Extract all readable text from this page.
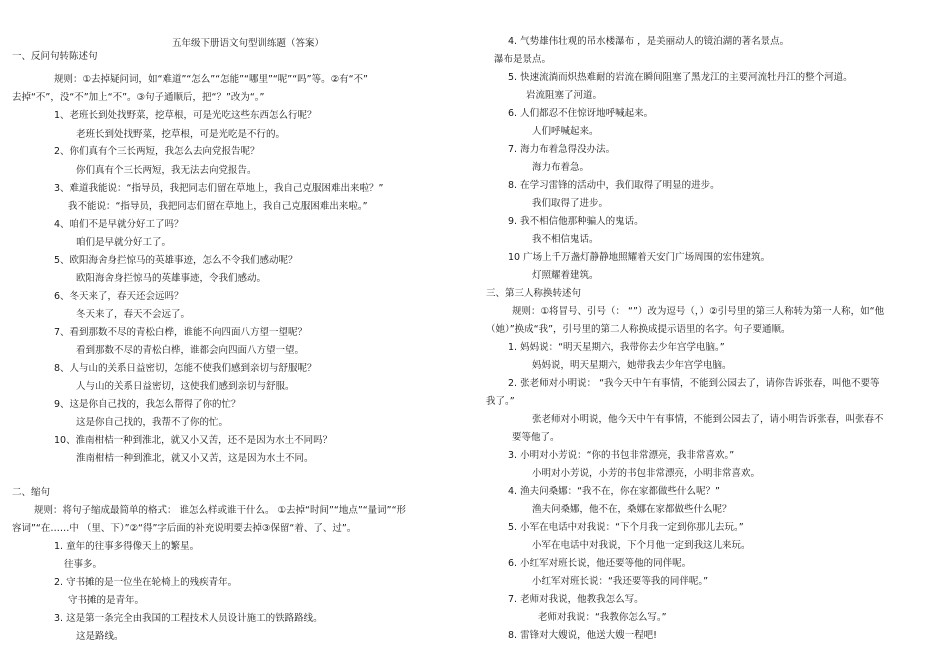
五年级下册语文句型训练题（答案）
一、反问句转陈述句
规则：①去掉疑问词，如“难道”“怎么”“怎能”“哪里”“呢”“吗”等。②有“不”
去掉“不”，没“不”加上“不”。③句子通顺后，把“？”改为“。”
1、老班长到处找野菜，挖草根，可是光吃这些东西怎么行呢？
老班长到处找野菜，挖草根，可是光吃是不行的。
2、你们真有个三长两短，我怎么去向党报告呢？
你们真有个三长两短，我无法去向党报告。
3、难道我能说：“指导员，我把同志们留在草地上，我自己克服困难出来啦？”
我不能说：“指导员，我把同志们留在草地上，我自己克服困难出来啦。”
4、咱们不是早就分好工了吗？
咱们是早就分好工了。
5、欧阳海舍身拦惊马的英雄事迹，怎么不令我们感动呢？
欧阳海舍身拦惊马的英雄事迹，令我们感动。
6、冬天来了，春天还会远吗？
冬天来了，春天不会远了。
7、看到那数不尽的青松白桦，谁能不向四面八方望一望呢？
看到那数不尽的青松白桦，谁都会向四面八方望一望。
8、人与山的关系日益密切，怎能不使我们感到亲切与舒服呢？
人与山的关系日益密切，这使我们感到亲切与舒服。
9、这是你自己找的，我怎么帮得了你的忙？
这是你自己找的，我帮不了你的忙。
10、淮南柑桔一种到淮北，就又小又苦，还不是因为水土不同吗？
淮南柑桔一种到淮北，就又小又苦，这是因为水土不同。
二、缩句
规则：将句子缩成最简单的格式： 谁怎么样或谁干什么。 ①去掉“时间”“地点”“量词”“形
容词”“在……中 （里、下）”②“得”字后面的补充说明要去掉③保留“着、了、过”。
1. 童年的往事多得像天上的繁星。
往事多。
2. 守书摊的是一位坐在轮椅上的残疾青年。
守书摊的是青年。
3. 这是第一条完全由我国的工程技术人员设计施工的铁路路线。
这是路线。
4. 气势雄伟壮观的吊水楼瀑布 ，是美丽动人的镜泊湖的著名景点。
瀑布是景点。
5. 快速流淌而炽热难耐的岩流在瞬间阻塞了黑龙江的主要河流牡丹江的整个河道。
岩流阻塞了河道。
6. 人们都忍不住惊讶地呼喊起来。
人们呼喊起来。
7. 海力布着急得没办法。
海力布着急。
8. 在学习雷锋的活动中，我们取得了明显的进步。
我们取得了进步。
9. 我不相信他那种骗人的鬼话。
我不相信鬼话。
10 广场上千万盏灯静静地照耀着天安门广场周围的宏伟建筑。
灯照耀着建筑。
三、第三人称换转述句
规则：①将冒号、引号（： “”）改为逗号（，）②引号里的第三人称转为第一人称，如“他
（她）”换成“我”，引号里的第二人称换成提示语里的名字。句子要通顺。
1. 妈妈说：“明天星期六，我带你去少年宫学电脑。”
妈妈说，明天星期六，她带我去少年宫学电脑。
2. 张老师对小明说： “我今天中午有事情，不能到公园去了，请你告诉张春，叫他不要等
我了。”
张老师对小明说，他今天中午有事情，不能到公园去了，请小明告诉张春，叫张春不
要等他了。
3. 小明对小芳说：“你的书包非常漂亮，我非常喜欢。”
小明对小芳说，小芳的书包非常漂亮，小明非常喜欢。
4. 渔夫问桑娜：“我不在，你在家都做些什么呢？”
渔夫问桑娜，他不在，桑娜在家都做些什么呢？
5. 小军在电话中对我说：“下个月我一定到你那儿去玩。”
小军在电话中对我说，下个月他一定到我这儿来玩。
6. 小红军对班长说，他还要等他的同伴呢。
小红军对班长说：“我还要等我的同伴呢。”
7. 老师对我说，他教我怎么写。
老师对我说：“我教你怎么写。”
8. 雷锋对大嫂说，他送大嫂一程吧!
